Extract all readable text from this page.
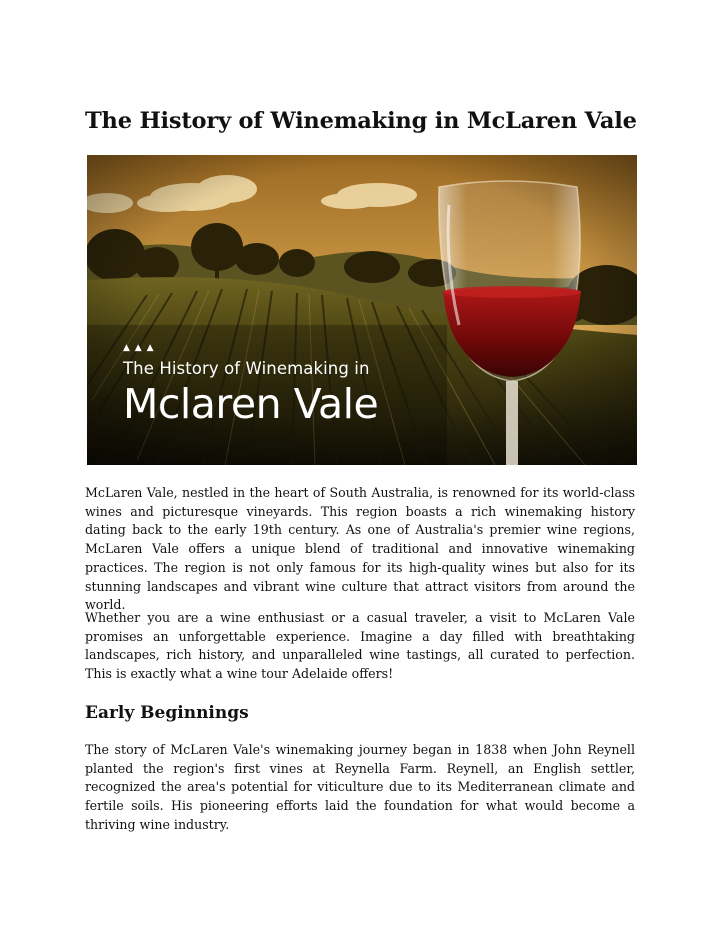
The History of Winemaking in McLaren Vale
▲ ▲ ▲
The History of Winemaking in
Mclaren Vale

McLaren Vale, nestled in the heart of South Australia, is renowned for its world-class wines and picturesque vineyards. This region boasts a rich winemaking history dating back to the early 19th century. As one of Australia's premier wine regions, McLaren Vale offers a unique blend of traditional and innovative winemaking practices. The region is not only famous for its high-quality wines but also for its stunning landscapes and vibrant wine culture that attract visitors from around the world.

Whether you are a wine enthusiast or a casual traveler, a visit to McLaren Vale promises an unforgettable experience. Imagine a day filled with breathtaking landscapes, rich history, and unparalleled wine tastings, all curated to perfection. This is exactly what a wine tour Adelaide offers!

Early Beginnings

The story of McLaren Vale's winemaking journey began in 1838 when John Reynell planted the region's first vines at Reynella Farm. Reynell, an English settler, recognized the area's potential for viticulture due to its Mediterranean climate and fertile soils. His pioneering efforts laid the foundation for what would become a thriving wine industry.
